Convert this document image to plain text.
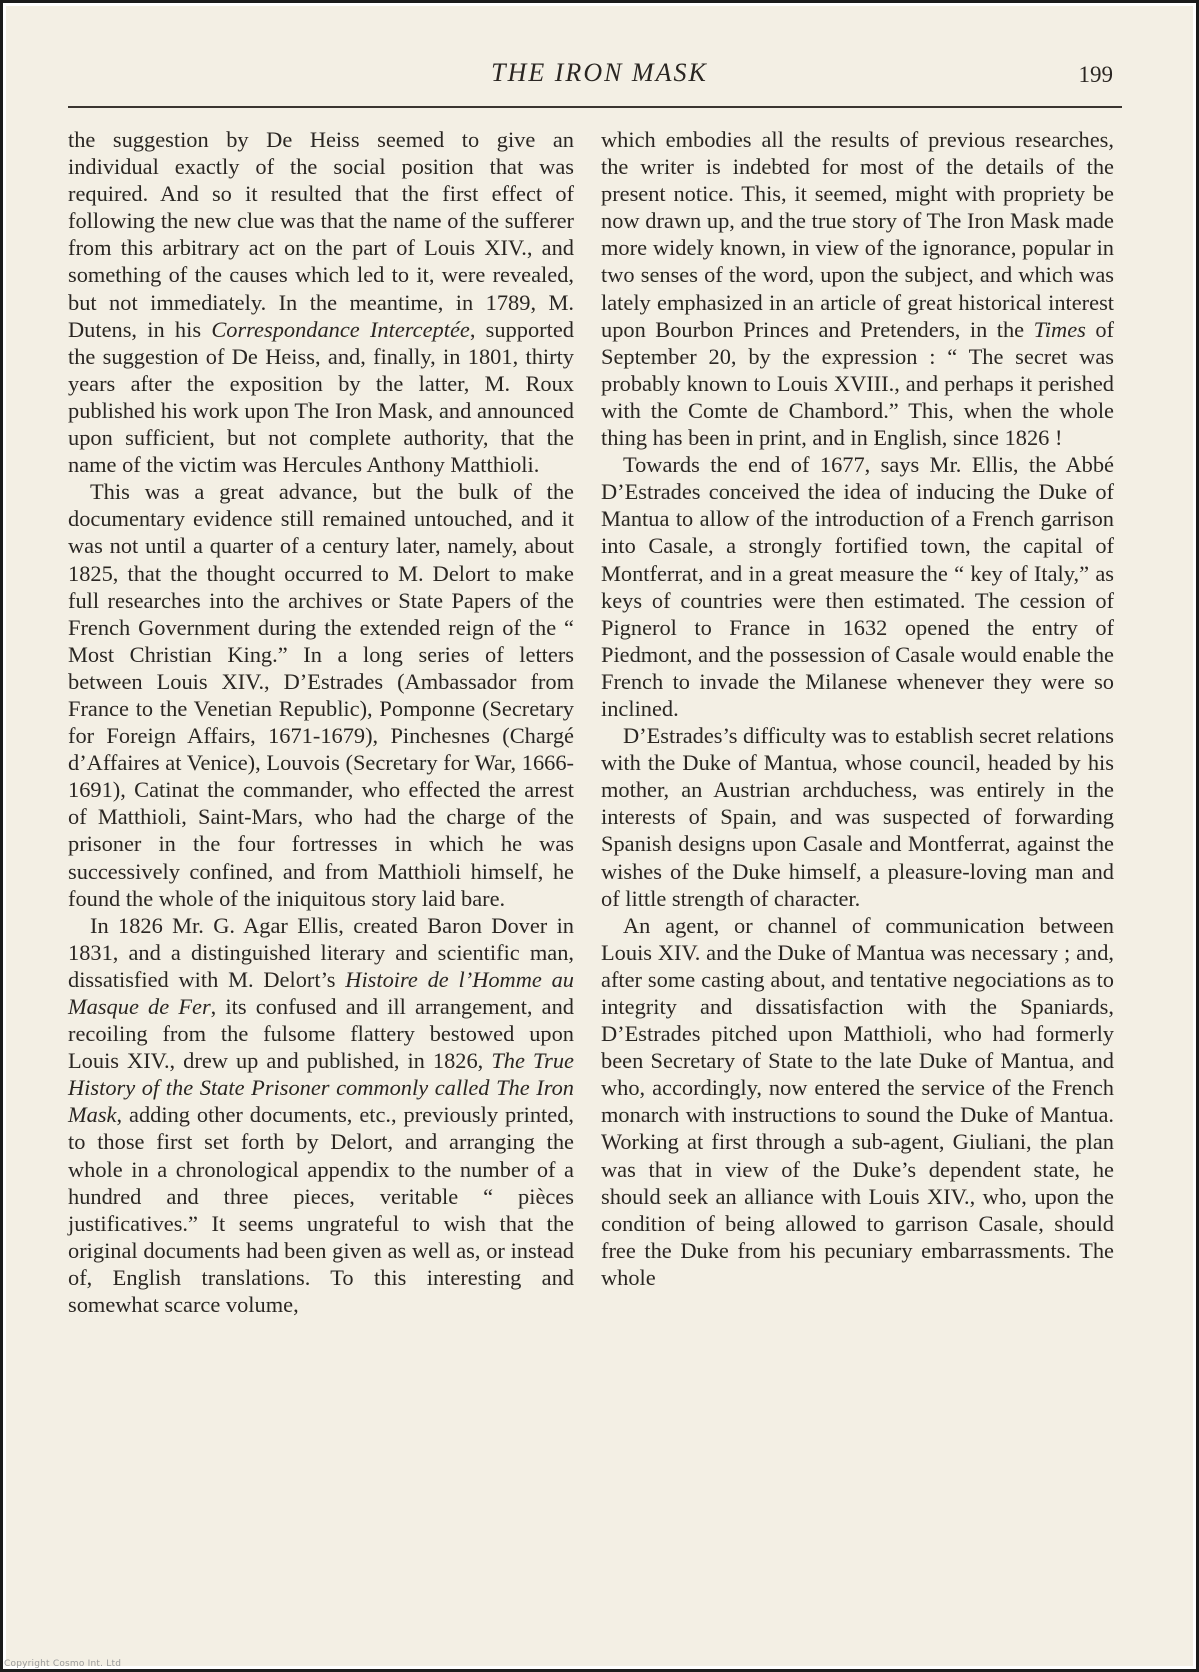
THE IRON MASK	199

the suggestion by De Heiss seemed to give an individual exactly of the social position that was required. And so it resulted that the first effect of following the new clue was that the name of the sufferer from this arbitrary act on the part of Louis XIV., and something of the causes which led to it, were revealed, but not immediately. In the meantime, in 1789, M. Dutens, in his Correspondance Interceptée, supported the suggestion of De Heiss, and, finally, in 1801, thirty years after the exposition by the latter, M. Roux published his work upon The Iron Mask, and announced upon sufficient, but not complete authority, that the name of the victim was Hercules Anthony Matthioli.

This was a great advance, but the bulk of the documentary evidence still remained untouched, and it was not until a quarter of a century later, namely, about 1825, that the thought occurred to M. Delort to make full researches into the archives or State Papers of the French Government during the extended reign of the “ Most Christian King.” In a long series of letters between Louis XIV., D’Estrades (Ambassador from France to the Venetian Republic), Pomponne (Secretary for Foreign Affairs, 1671-1679), Pinchesnes (Chargé d’Affaires at Venice), Louvois (Secretary for War, 1666-1691), Catinat the commander, who effected the arrest of Matthioli, Saint-Mars, who had the charge of the prisoner in the four fortresses in which he was successively confined, and from Matthioli himself, he found the whole of the iniquitous story laid bare.

In 1826 Mr. G. Agar Ellis, created Baron Dover in 1831, and a distinguished literary and scientific man, dissatisfied with M. Delort’s Histoire de l’Homme au Masque de Fer, its confused and ill arrangement, and recoiling from the fulsome flattery bestowed upon Louis XIV., drew up and published, in 1826, The True History of the State Prisoner commonly called The Iron Mask, adding other documents, etc., previously printed, to those first set forth by Delort, and arranging the whole in a chronological appendix to the number of a hundred and three pieces, veritable “ pièces justificatives.” It seems ungrateful to wish that the original documents had been given as well as, or instead of, English translations. To this interesting and somewhat scarce volume,

which embodies all the results of previous researches, the writer is indebted for most of the details of the present notice. This, it seemed, might with propriety be now drawn up, and the true story of The Iron Mask made more widely known, in view of the ignorance, popular in two senses of the word, upon the subject, and which was lately emphasized in an article of great historical interest upon Bourbon Princes and Pretenders, in the Times of September 20, by the expression : “ The secret was probably known to Louis XVIII., and perhaps it perished with the Comte de Chambord.” This, when the whole thing has been in print, and in English, since 1826 !

Towards the end of 1677, says Mr. Ellis, the Abbé D’Estrades conceived the idea of inducing the Duke of Mantua to allow of the introduction of a French garrison into Casale, a strongly fortified town, the capital of Montferrat, and in a great measure the “ key of Italy,” as keys of countries were then estimated. The cession of Pignerol to France in 1632 opened the entry of Piedmont, and the possession of Casale would enable the French to invade the Milanese whenever they were so inclined.

D’Estrades’s difficulty was to establish secret relations with the Duke of Mantua, whose council, headed by his mother, an Austrian archduchess, was entirely in the interests of Spain, and was suspected of forwarding Spanish designs upon Casale and Montferrat, against the wishes of the Duke himself, a pleasure-loving man and of little strength of character.

An agent, or channel of communication between Louis XIV. and the Duke of Mantua was necessary ; and, after some casting about, and tentative negociations as to integrity and dissatisfaction with the Spaniards, D’Estrades pitched upon Matthioli, who had formerly been Secretary of State to the late Duke of Mantua, and who, accordingly, now entered the service of the French monarch with instructions to sound the Duke of Mantua. Working at first through a sub-agent, Giuliani, the plan was that in view of the Duke’s dependent state, he should seek an alliance with Louis XIV., who, upon the condition of being allowed to garrison Casale, should free the Duke from his pecuniary embarrassments. The whole

Copyright Cosmo Int. Ltd
